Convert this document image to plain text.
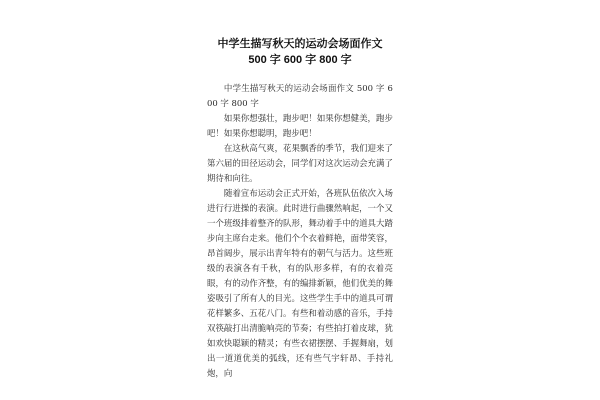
中学生描写秋天的运动会场面作文
500 字 600 字 800 字

中学生描写秋天的运动会场面作文 500 字 600 字 800 字

如果你想强壮，跑步吧！如果你想健美，跑步吧！如果你想聪明，跑步吧！

在这秋高气爽，花果飘香的季节，我们迎来了第六届的田径运动会，同学们对这次运动会充满了期待和向往。

随着宣布运动会正式开始，各班队伍依次入场进行行进操的表演。此时进行曲骤然响起，一个又一个班级排着整齐的队形，舞动着手中的道具大踏步向主席台走来。他们个个衣着鲜艳，面带笑容，昂首阔步，展示出青年特有的朝气与活力。这些班级的表演各有千秋，有的队形多样，有的衣着亮眼，有的动作齐整，有的编排新颖，他们优美的舞姿吸引了所有人的目光。这些学生手中的道具可谓花样繁多、五花八门。有些和着动感的音乐，手持双筷敲打出清脆响亮的节奏；有些拍打着皮球，犹如欢快聪颖的精灵；有些衣裙摆摆、手握舞扇，划出一道道优美的弧线，还有些气宇轩昂、手持礼炮，向
